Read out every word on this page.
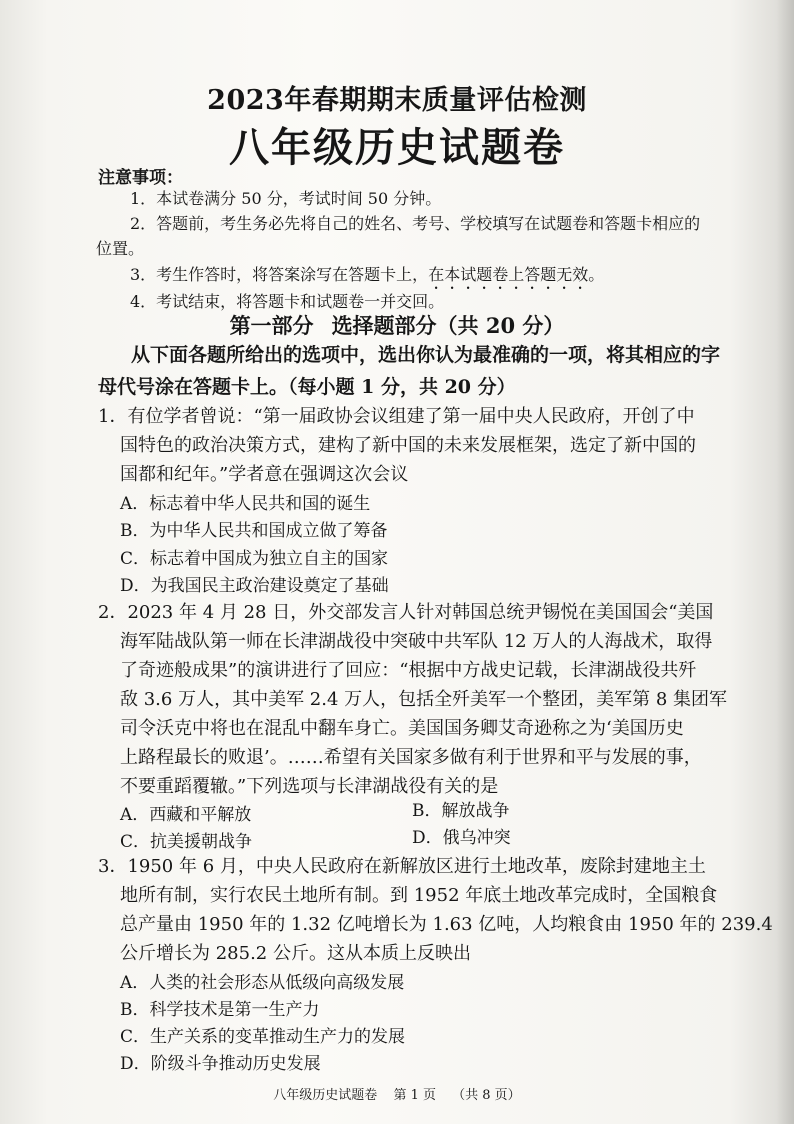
2023年春期期末质量评估检测
八年级历史试题卷
注意事项：
1．本试卷满分 50 分，考试时间 50 分钟。
2．答题前，考生务必先将自己的姓名、考号、学校填写在试题卷和答题卡相应的
位置。
3．考生作答时，将答案涂写在答题卡上，在本试题卷上答题无效。
4．考试结束，将答题卡和试题卷一并交回。
第一部分 选择题部分（共 20 分）
从下面各题所给出的选项中，选出你认为最准确的一项，将其相应的字
母代号涂在答题卡上。（每小题 1 分，共 20 分）
1．有位学者曾说：“第一届政协会议组建了第一届中央人民政府，开创了中
国特色的政治决策方式，建构了新中国的未来发展框架，选定了新中国的
国都和纪年。”学者意在强调这次会议
A．标志着中华人民共和国的诞生
B．为中华人民共和国成立做了筹备
C．标志着中国成为独立自主的国家
D．为我国民主政治建设奠定了基础
2．2023 年 4 月 28 日，外交部发言人针对韩国总统尹锡悦在美国国会“美国
海军陆战队第一师在长津湖战役中突破中共军队 12 万人的人海战术，取得
了奇迹般成果”的演讲进行了回应：“根据中方战史记载，长津湖战役共歼
敌 3.6 万人，其中美军 2.4 万人，包括全歼美军一个整团，美军第 8 集团军
司令沃克中将也在混乱中翻车身亡。美国国务卿艾奇逊称之为‘美国历史
上路程最长的败退’。……希望有关国家多做有利于世界和平与发展的事，
不要重蹈覆辙。”下列选项与长津湖战役有关的是
A．西藏和平解放	B．解放战争
C．抗美援朝战争	D．俄乌冲突
3．1950 年 6 月，中央人民政府在新解放区进行土地改革，废除封建地主土
地所有制，实行农民土地所有制。到 1952 年底土地改革完成时，全国粮食
总产量由 1950 年的 1.32 亿吨增长为 1.63 亿吨，人均粮食由 1950 年的 239.4
公斤增长为 285.2 公斤。这从本质上反映出
A．人类的社会形态从低级向高级发展
B．科学技术是第一生产力
C．生产关系的变革推动生产力的发展
D．阶级斗争推动历史发展
八年级历史试题卷 第 1 页 （共 8 页）
